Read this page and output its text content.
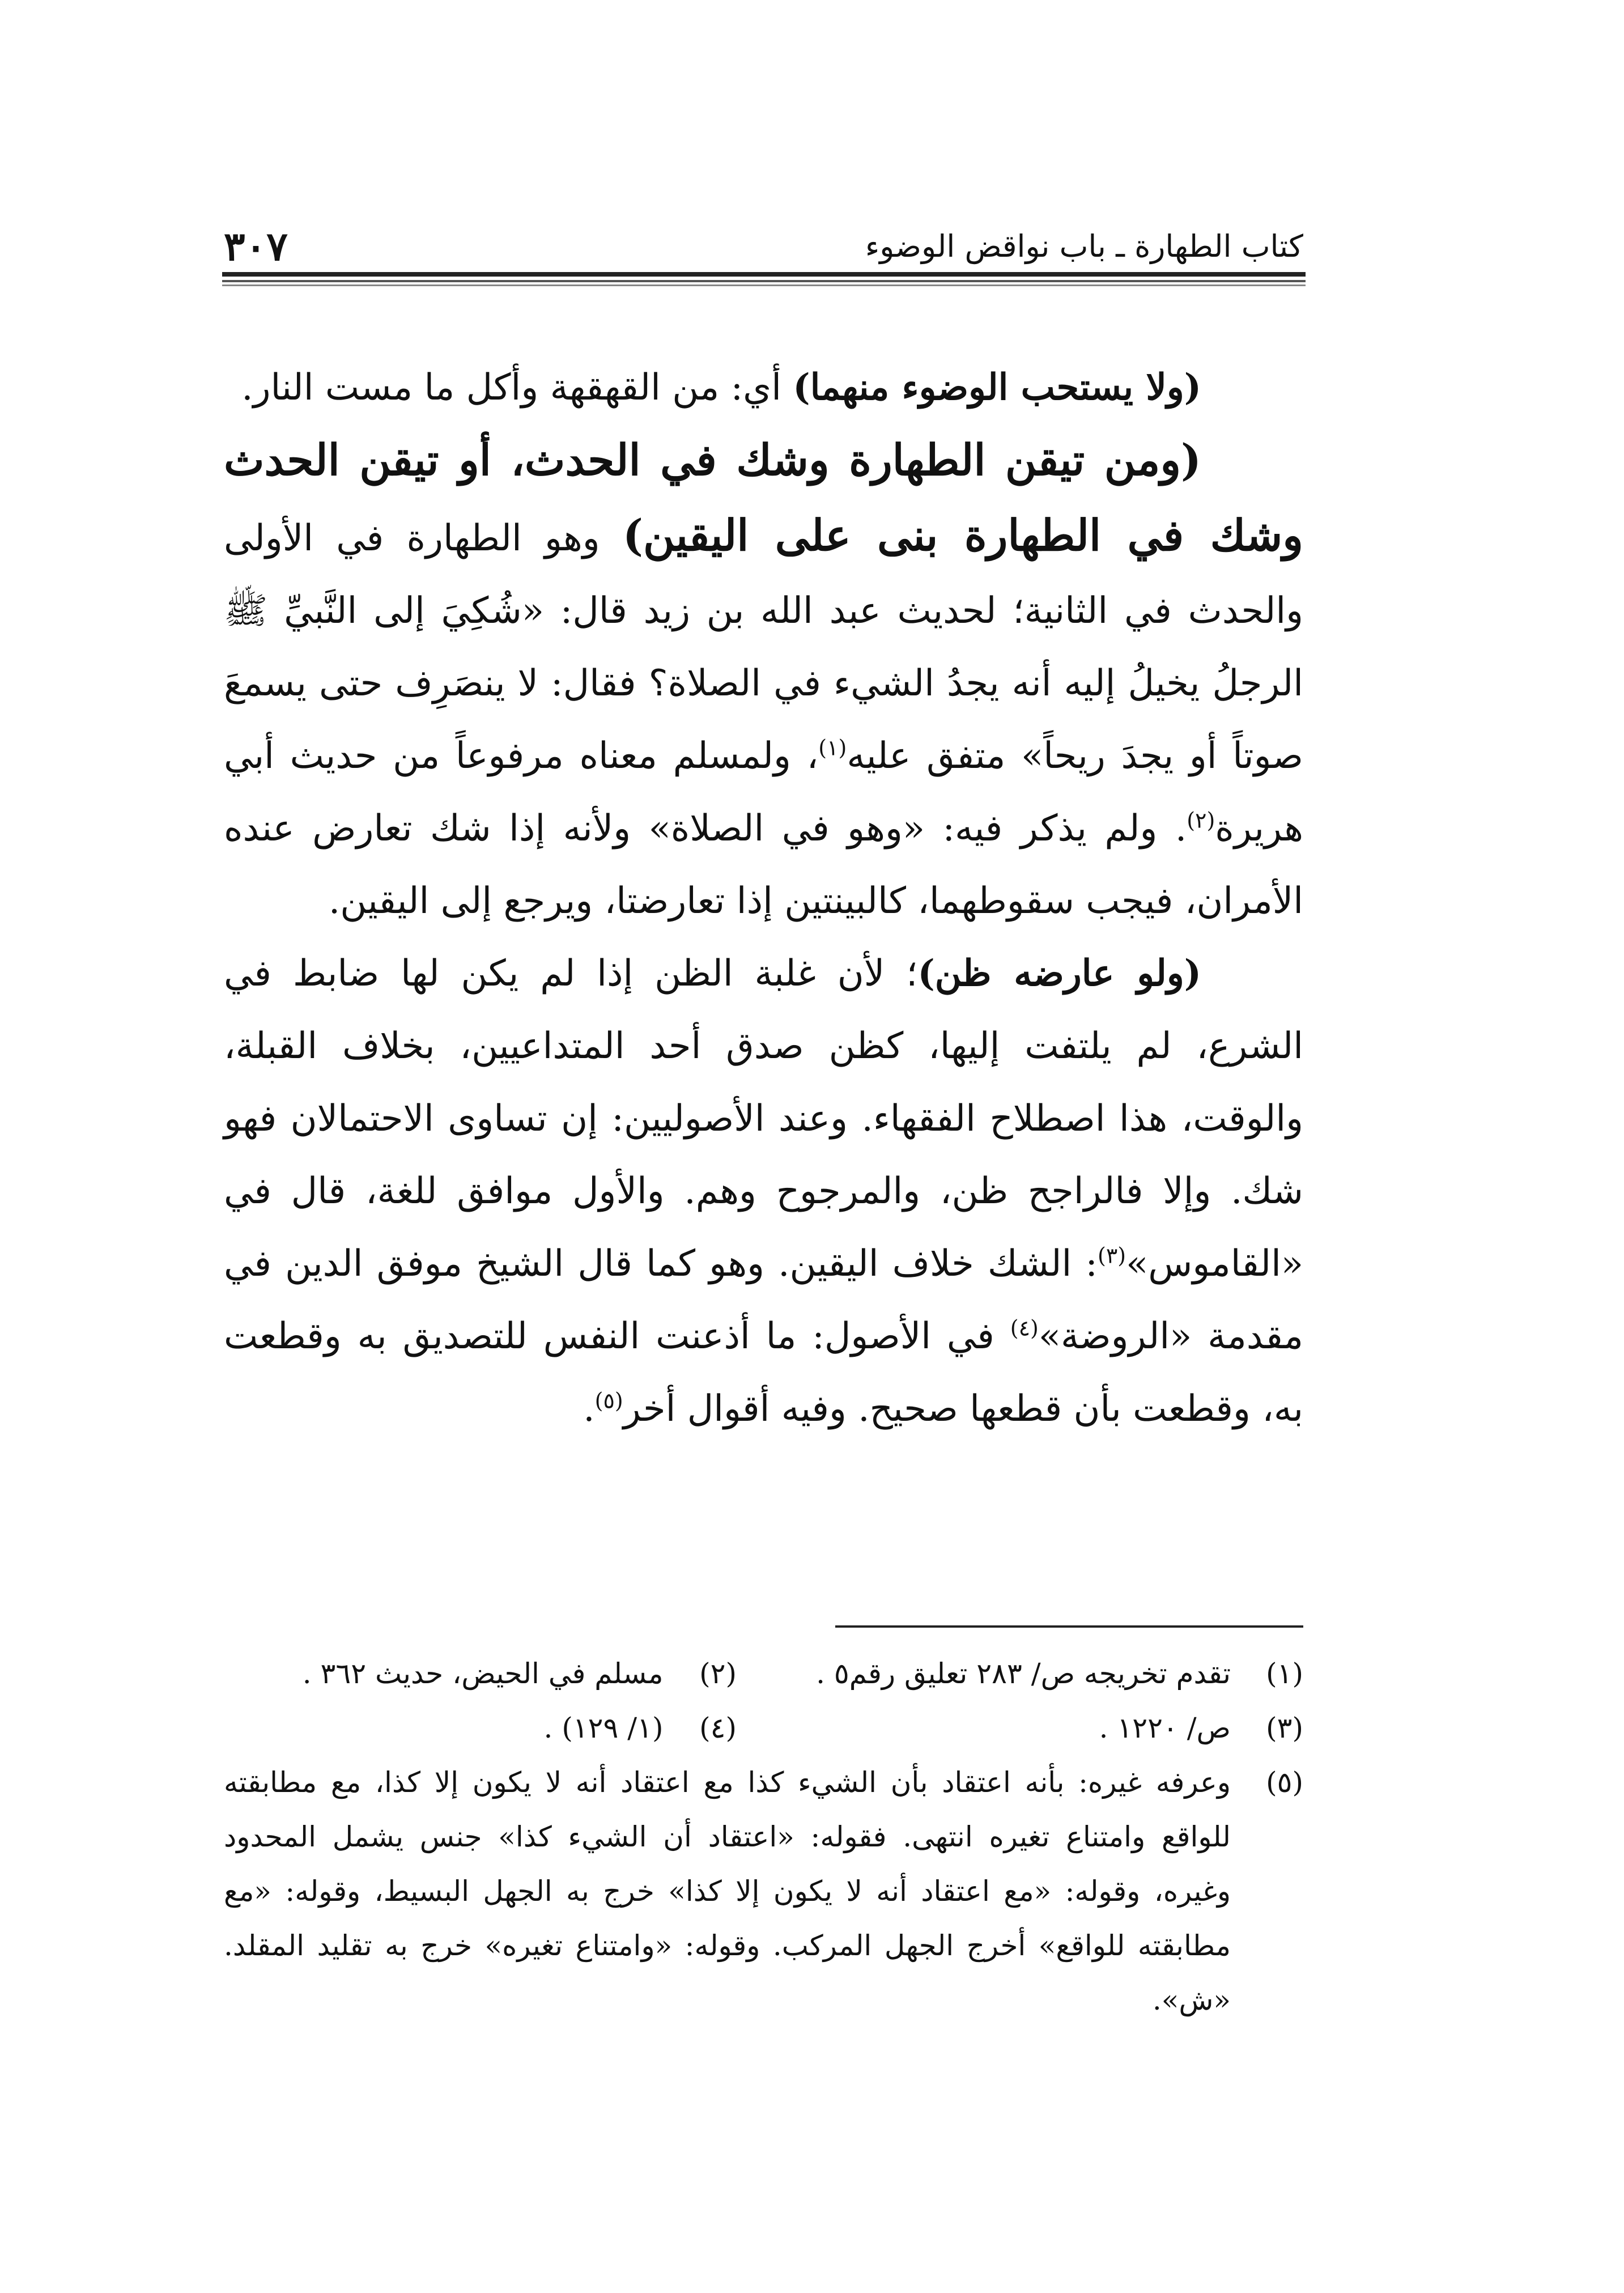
كتاب الطهارة ـ باب نواقض الوضوء
٣٠٧

(ولا يستحب الوضوء منهما) أي: من القهقهة وأكل ما مست النار.

(ومن تيقن الطهارة وشك في الحدث، أو تيقن الحدث وشك في الطهارة بنى على اليقين) وهو الطهارة في الأولى والحدث في الثانية؛ لحديث عبد الله بن زيد قال: «شُكِيَ إلى النَّبيِّ ﷺ الرجلُ يخيلُ إليه أنه يجدُ الشيء في الصلاة؟ فقال: لا ينصَرِف حتى يسمعَ صوتاً أو يجدَ ريحاً» متفق عليه$^{(١)}$، ولمسلم معناه مرفوعاً من حديث أبي هريرة$^{(٢)}$. ولم يذكر فيه: «وهو في الصلاة» ولأنه إذا شك تعارض عنده الأمران، فيجب سقوطهما، كالبينتين إذا تعارضتا، ويرجع إلى اليقين.

(ولو عارضه ظن)؛ لأن غلبة الظن إذا لم يكن لها ضابط في الشرع، لم يلتفت إليها، كظن صدق أحد المتداعيين، بخلاف القبلة، والوقت، هذا اصطلاح الفقهاء. وعند الأصوليين: إن تساوى الاحتمالان فهو شك. وإلا فالراجح ظن، والمرجوح وهم. والأول موافق للغة، قال في «القاموس»$^{(٣)}$: الشك خلاف اليقين. وهو كما قال الشيخ موفق الدين في مقدمة «الروضة»$^{(٤)}$ في الأصول: ما أذعنت النفس للتصديق به وقطعت به، وقطعت بأن قطعها صحيح. وفيه أقوال أخر$^{(٥)}$.

(١)
تقدم تخريجه ص/ ٢٨٣ تعليق رقم٥ .
(٢)    مسلم في الحيض، حديث ٣٦٢ .
(٣)
ص/ ١٢٢٠ .
(٤)    (١/ ١٢٩) .
(٥)
وعرفه غيره: بأنه اعتقاد بأن الشيء كذا مع اعتقاد أنه لا يكون إلا كذا، مع مطابقته للواقع وامتناع تغيره انتهى. فقوله: «اعتقاد أن الشيء كذا» جنس يشمل المحدود وغيره، وقوله: «مع اعتقاد أنه لا يكون إلا كذا» خرج به الجهل البسيط، وقوله: «مع مطابقته للواقع» أخرج الجهل المركب. وقوله: «وامتناع تغيره» خرج به تقليد المقلد. «ش».
